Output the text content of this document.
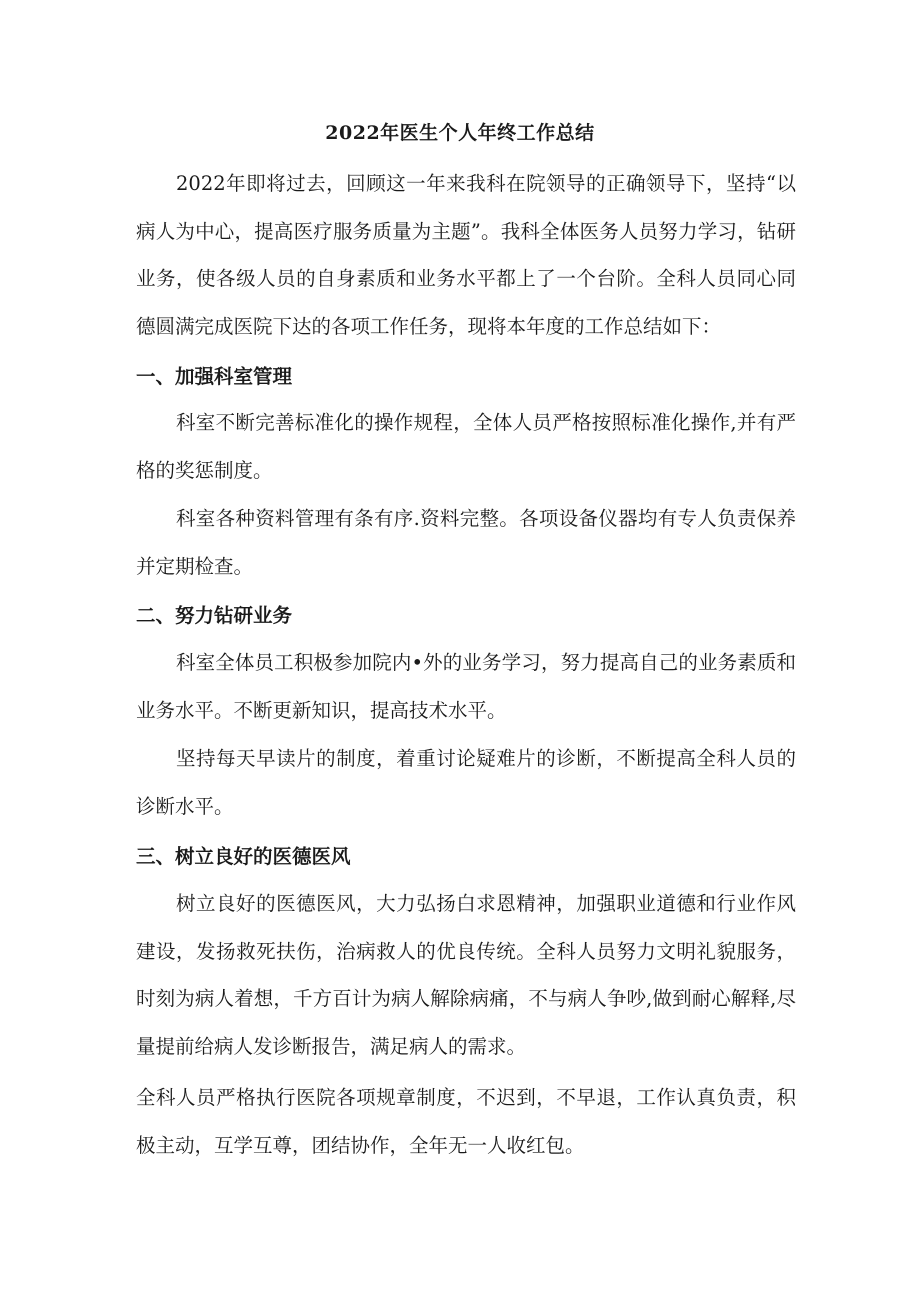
2022年医生个人年终工作总结

2022年即将过去，回顾这一年来我科在院领导的正确领导下，坚持“以病人为中心，提高医疗服务质量为主题”。我科全体医务人员努力学习，钻研业务，使各级人员的自身素质和业务水平都上了一个台阶。全科人员同心同德圆满完成医院下达的各项工作任务，现将本年度的工作总结如下：

一、加强科室管理

科室不断完善标准化的操作规程，全体人员严格按照标准化操作,并有严格的奖惩制度。

科室各种资料管理有条有序.资料完整。各项设备仪器均有专人负责保养并定期检查。

二、努力钻研业务

科室全体员工积极参加院内•外的业务学习，努力提高自己的业务素质和业务水平。不断更新知识，提高技术水平。

坚持每天早读片的制度，着重讨论疑难片的诊断，不断提高全科人员的诊断水平。

三、树立良好的医德医风

树立良好的医德医风，大力弘扬白求恩精神，加强职业道德和行业作风建设，发扬救死扶伤，治病救人的优良传统。全科人员努力文明礼貌服务，时刻为病人着想，千方百计为病人解除病痛，不与病人争吵,做到耐心解释,尽量提前给病人发诊断报告，满足病人的需求。

全科人员严格执行医院各项规章制度，不迟到，不早退，工作认真负责，积极主动，互学互尊，团结协作，全年无一人收红包。
